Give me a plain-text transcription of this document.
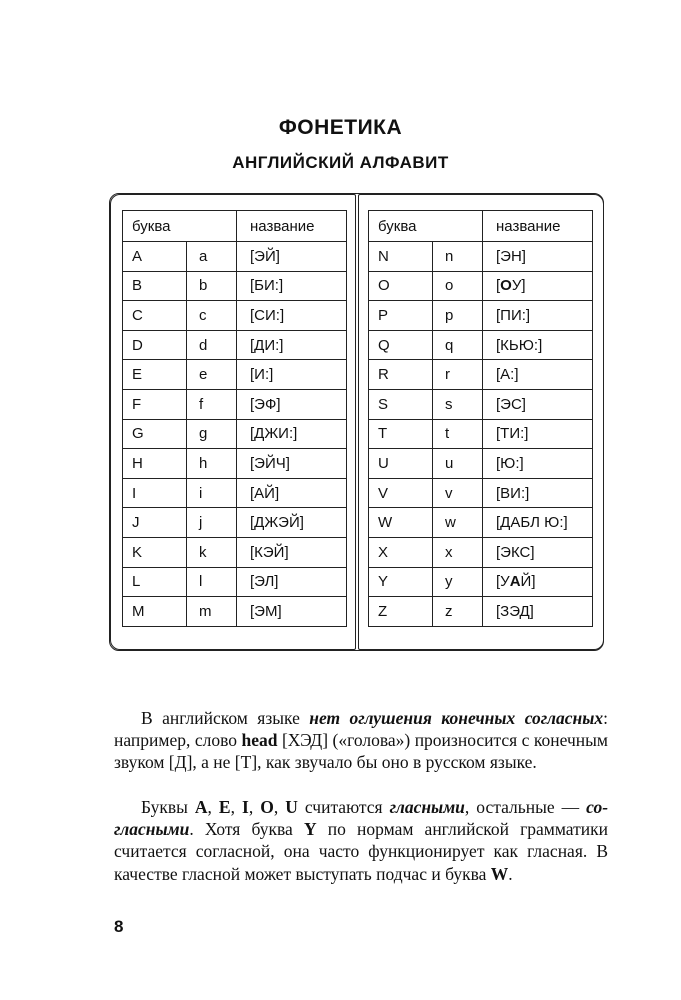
ФОНЕТИКА
АНГЛИЙСКИЙ АЛФАВИТ
буква		название
A	a	[ЭЙ]
B	b	[БИ:]
C	c	[СИ:]
D	d	[ДИ:]
E	e	[И:]
F	f	[ЭФ]
G	g	[ДЖИ:]
H	h	[ЭЙЧ]
I	i	[АЙ]
J	j	[ДЖЭЙ]
K	k	[КЭЙ]
L	l	[ЭЛ]
M	m	[ЭМ]
буква		название
N	n	[ЭН]
O	o	[ОУ]
P	p	[ПИ:]
Q	q	[КЬЮ:]
R	r	[А:]
S	s	[ЭС]
T	t	[ТИ:]
U	u	[Ю:]
V	v	[ВИ:]
W	w	[ДАБЛ Ю:]
X	x	[ЭКС]
Y	y	[УАЙ]
Z	z	[ЗЭД]

В английском языке нет оглушения конечных согласных: например, слово head [ХЭД] («голова») произносится с конечным звуком [Д], а не [Т], как звучало бы оно в русском языке.

Буквы A, E, I, O, U считаются гласными, остальные — согласными. Хотя буква Y по нормам английской грамматики считается согласной, она часто функционирует как гласная. В качестве гласной может выступать подчас и буква W.

8
